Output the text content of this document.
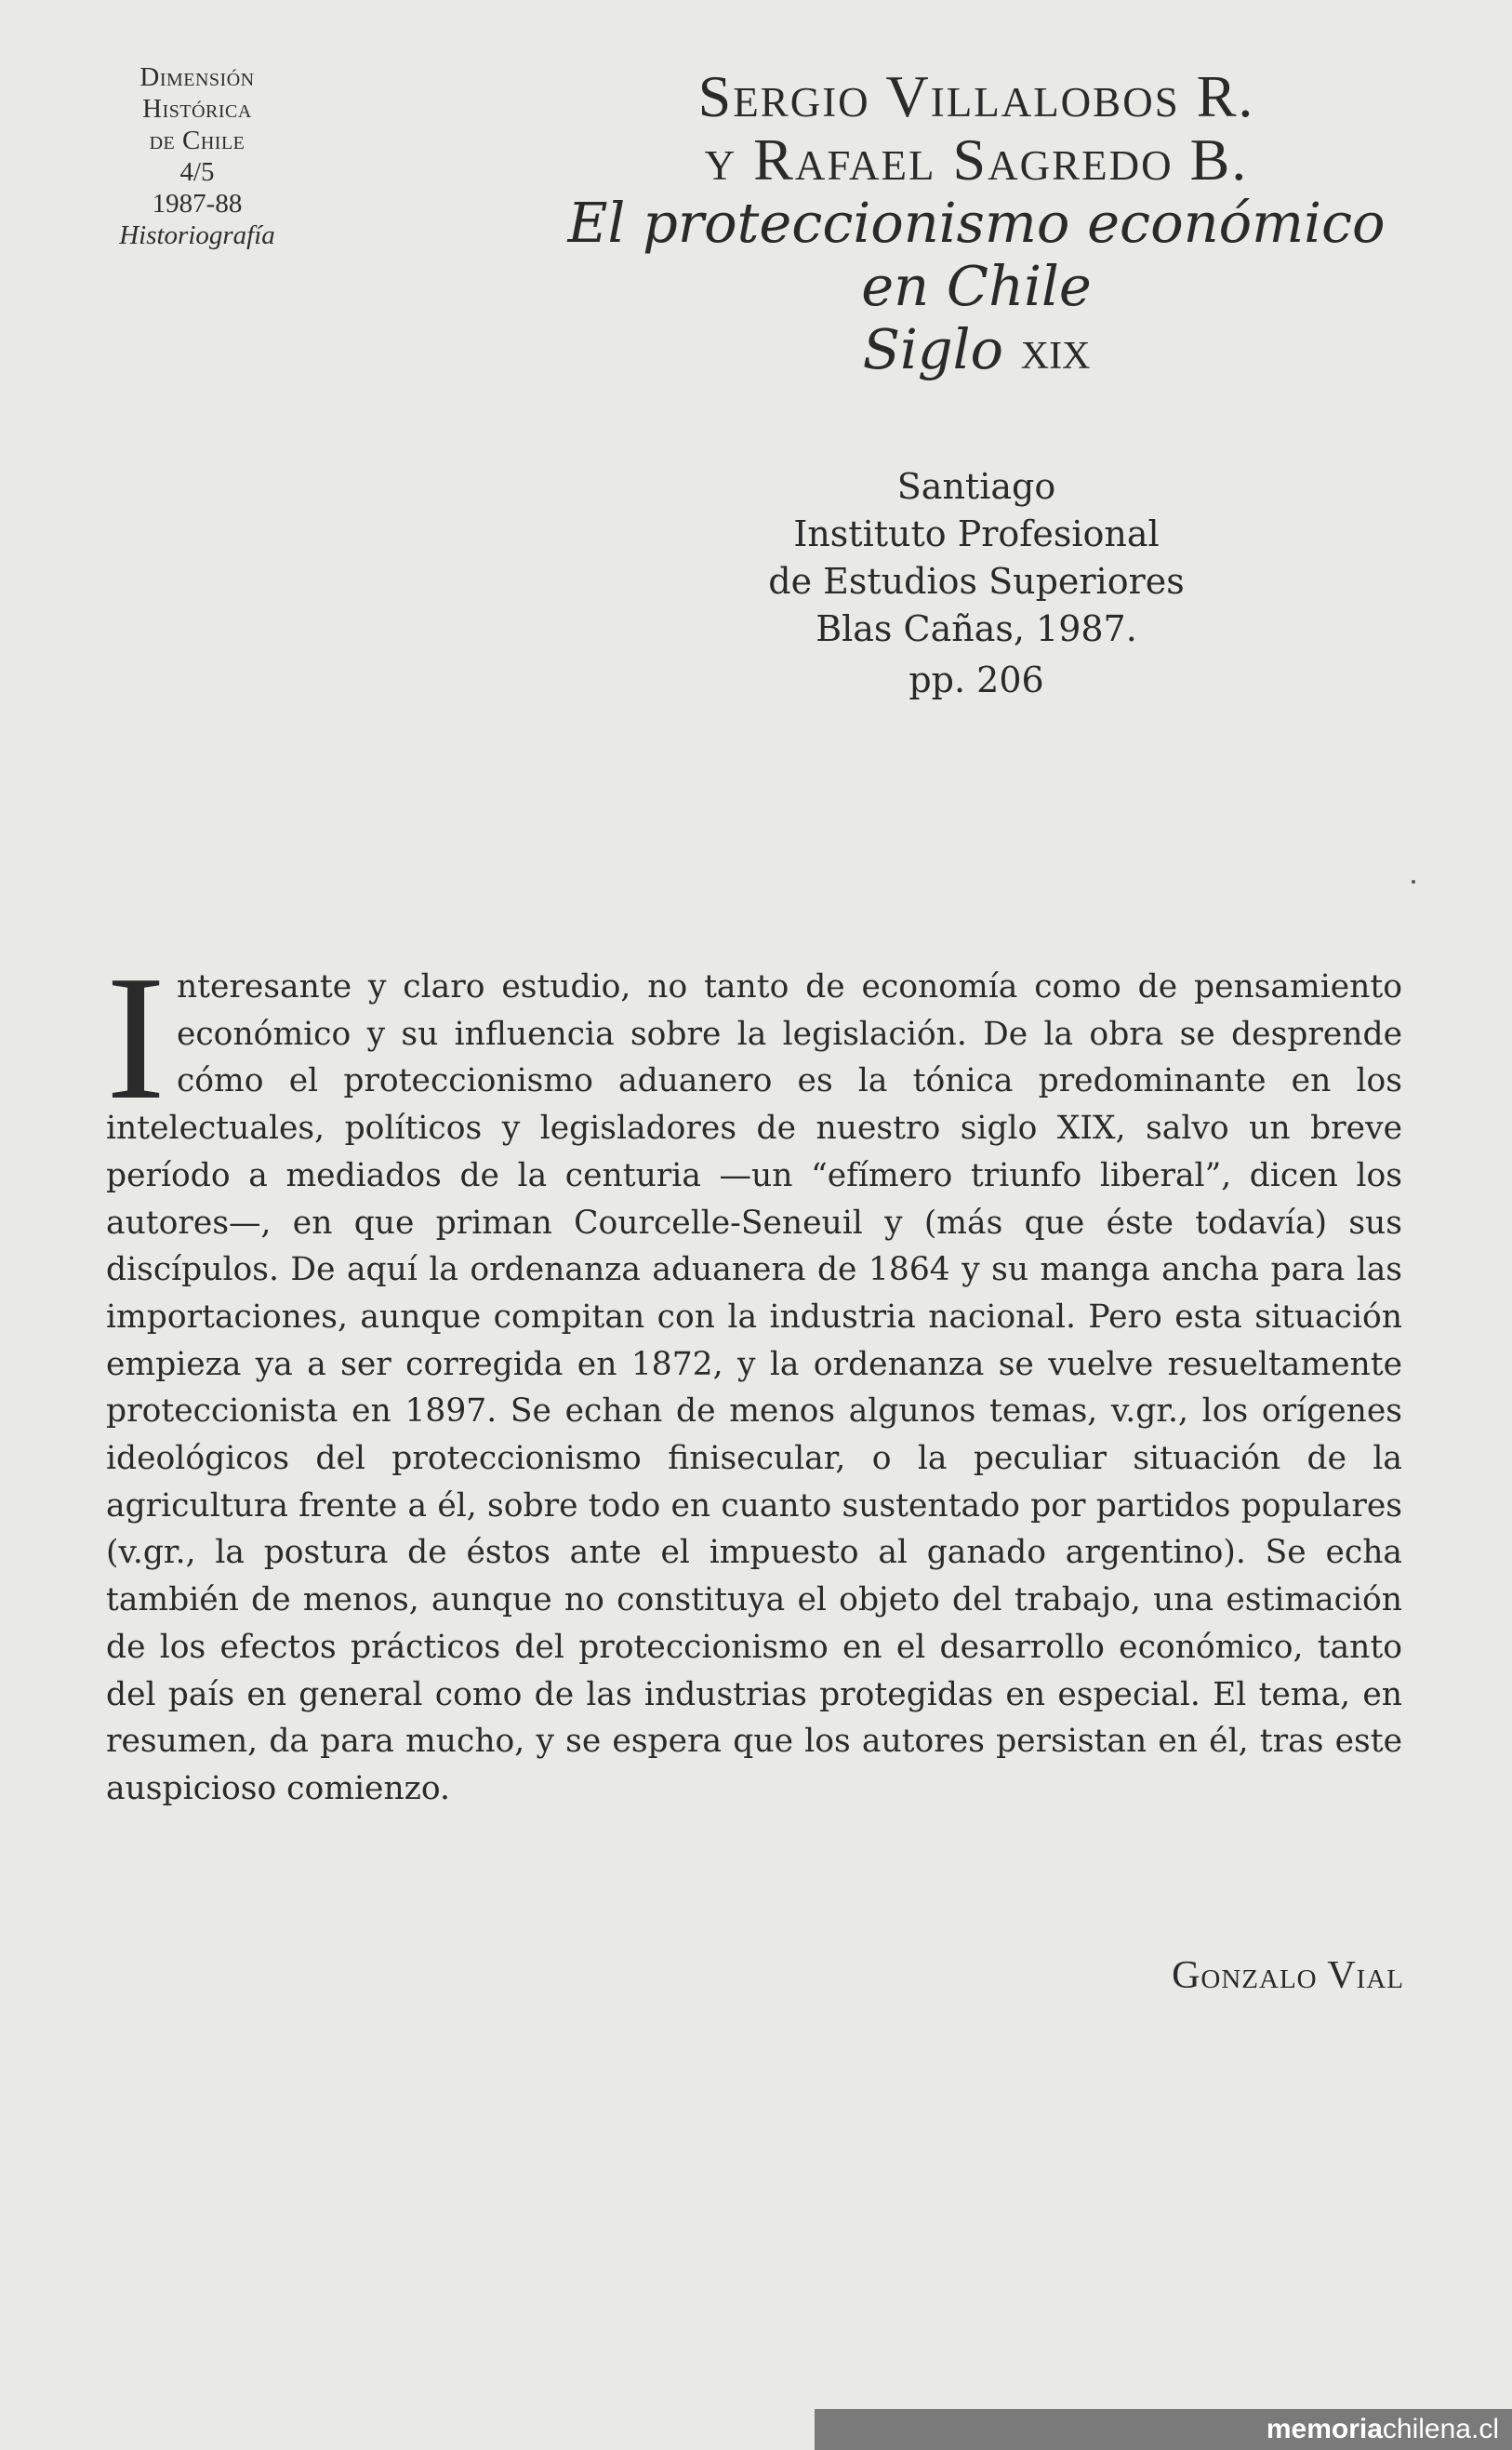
Dimensión
Histórica
de Chile
4/5
1987-88
Historiografía
Sergio Villalobos R.
y Rafael Sagredo B.
El proteccionismo económico
en Chile
Siglo xix
Santiago
Instituto Profesional
de Estudios Superiores
Blas Cañas, 1987.
pp. 206
Interesante y claro estudio, no tanto de economía como de pensamiento económico y su influencia sobre la legislación. De la obra se desprende cómo el proteccionismo aduanero es la tónica predominante en los intelectuales, políticos y legisladores de nuestro siglo XIX, salvo un breve período a mediados de la centuria —un “efímero triunfo liberal”, dicen los autores—, en que priman Courcelle-Seneuil y (más que éste todavía) sus discípulos. De aquí la ordenanza aduanera de 1864 y su manga ancha para las importaciones, aunque compitan con la industria nacional. Pero esta situación empieza ya a ser corregida en 1872, y la ordenanza se vuelve resueltamente proteccionista en 1897. Se echan de menos algunos temas, v.gr., los orígenes ideológicos del proteccionismo finisecular, o la peculiar situación de la agricultura frente a él, sobre todo en cuanto sustentado por partidos populares (v.gr., la postura de éstos ante el impuesto al ganado argentino). Se echa también de menos, aunque no constituya el objeto del trabajo, una estimación de los efectos prácticos del proteccionismo en el desarrollo económico, tanto del país en general como de las industrias protegidas en especial. El tema, en resumen, da para mucho, y se espera que los autores persistan en él, tras este auspicioso comienzo.
Gonzalo Vial
memoriachilena.cl
